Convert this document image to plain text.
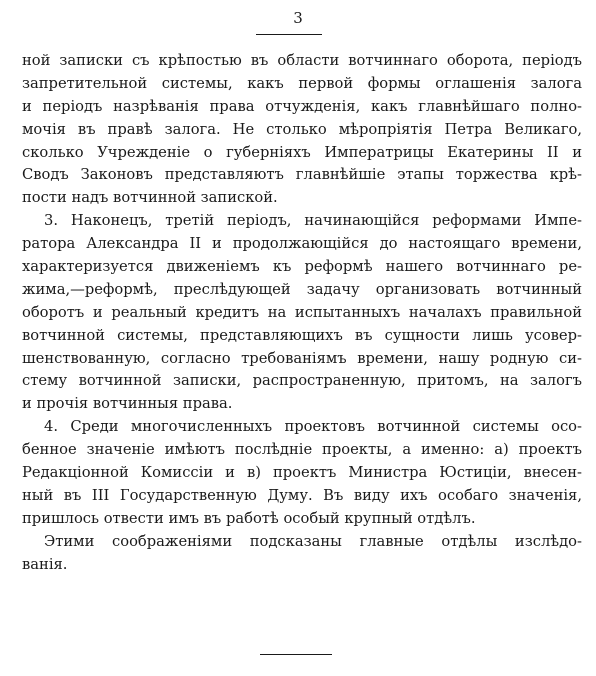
3
ной записки съ крѣпостью въ области вотчиннаго оборота, періодъ
запретительной системы, какъ первой формы оглашенія залога
и періодъ назрѣванія права отчужденія, какъ главнѣйшаго полно-
мочія въ правѣ залога. Не столько мѣропріятія Петра Великаго,
сколько Учрежденіе о губерніяхъ Императрицы Екатерины II и
Сводъ Законовъ представляютъ главнѣйшіе этапы торжества крѣ-
пости надъ вотчинной запиской.
3. Наконецъ, третій періодъ, начинающійся реформами Импе-
ратора Александра II и продолжающійся до настоящаго времени,
характеризуется движеніемъ къ реформѣ нашего вотчиннаго ре-
жима,—реформѣ, преслѣдующей задачу организовать вотчинный
оборотъ и реальный кредитъ на испытанныхъ началахъ правильной
вотчинной системы, представляющихъ въ сущности лишь усовер-
шенствованную, согласно требованіямъ времени, нашу родную си-
стему вотчинной записки, распространенную, притомъ, на залогъ
и прочія вотчинныя права.
4. Среди многочисленныхъ проектовъ вотчинной системы осо-
бенное значеніе имѣютъ послѣдніе проекты, а именно: а) проектъ
Редакціонной Комиссіи и в) проектъ Министра Юстиціи, внесен-
ный въ III Государственную Думу. Въ виду ихъ особаго значенія,
пришлось отвести имъ въ работѣ особый крупный отдѣлъ.
Этими соображеніями подсказаны главные отдѣлы изслѣдо-
ванія.
